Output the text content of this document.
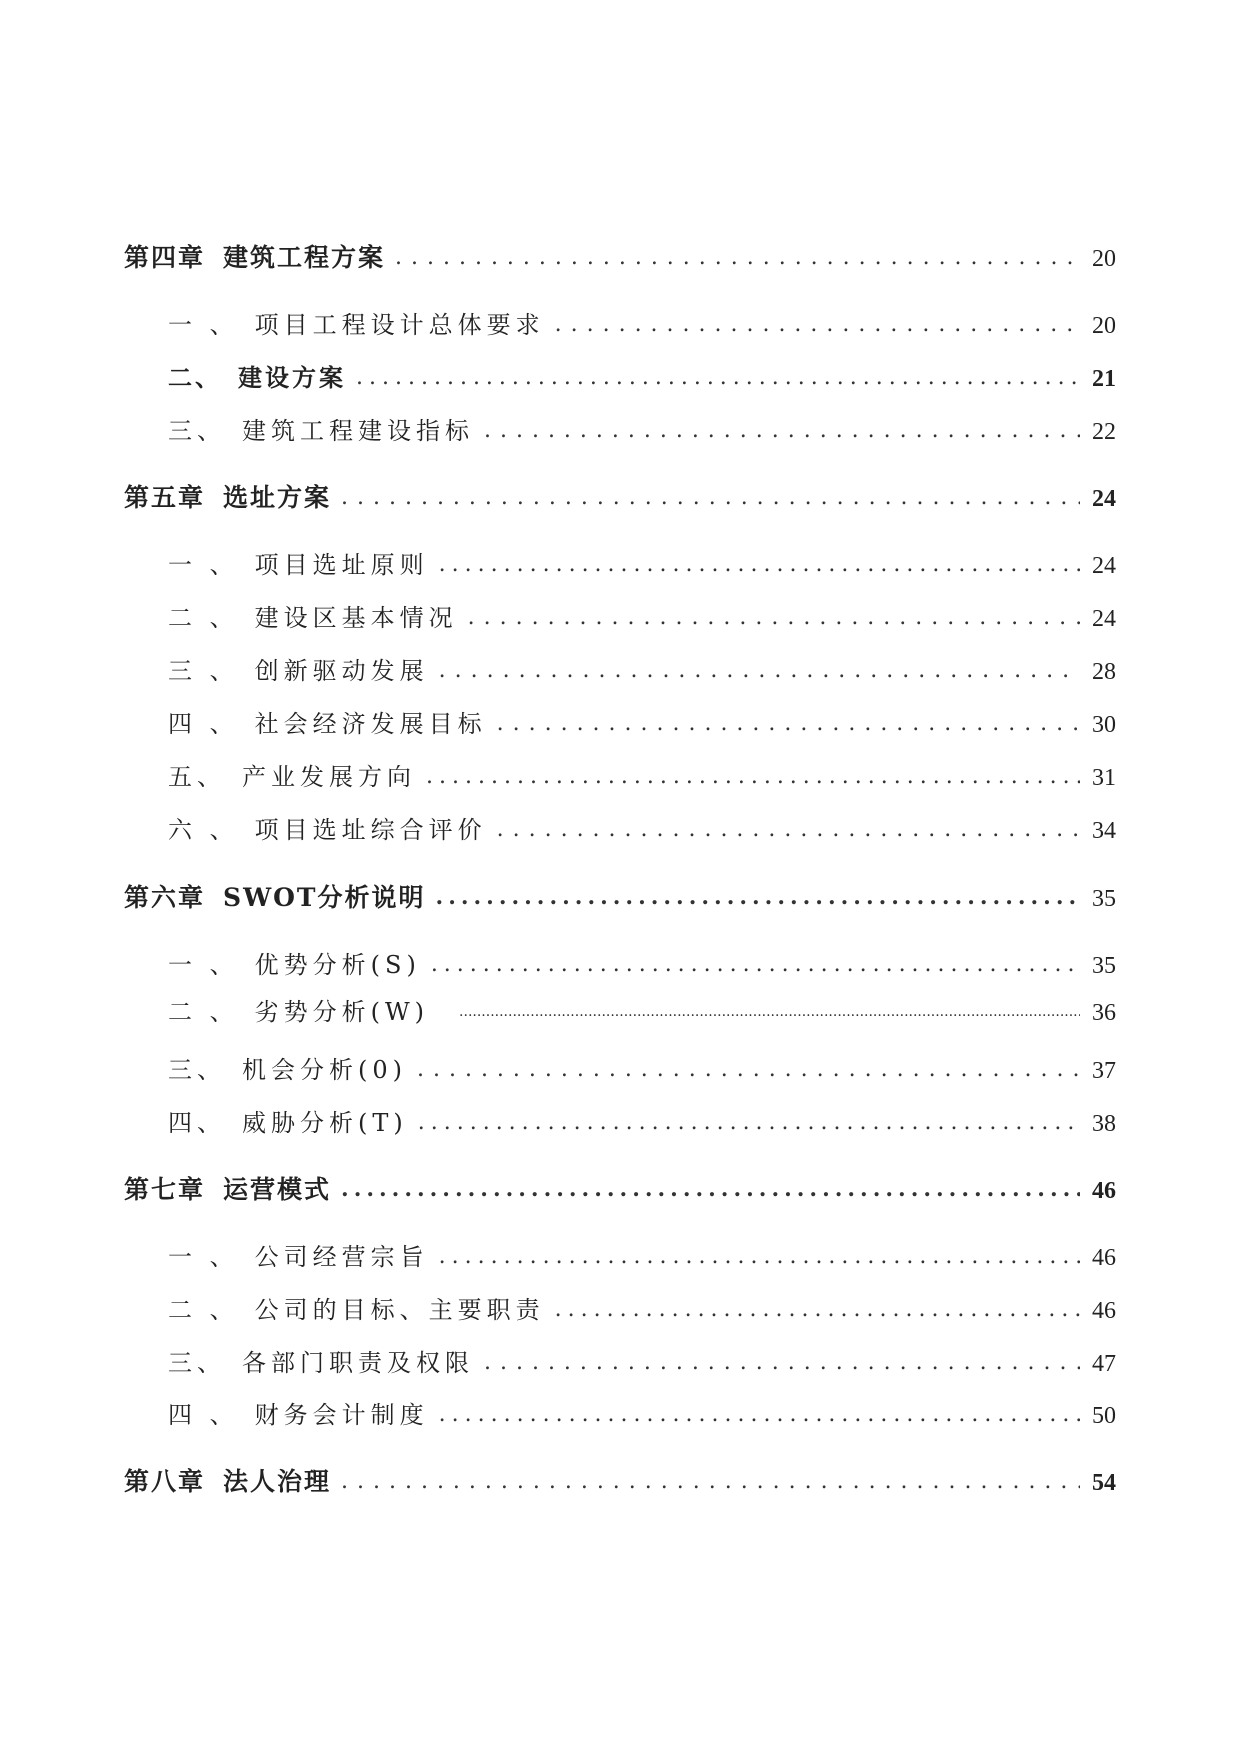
第四章 建筑工程方案 . . .	20
一 、 项目工程设计总体要求 . . .	20
二、 建设方案 .....	21
三、 建筑工程建设指标 . . .	22
第五章 选址方案 . . .	24
一 、 项目选址原则 .....	24
二 、 建设区基本情况 . . .	24
三 、 创新驱动发展 . . .	28
四 、 社会经济发展目标 . . .	30
五、 产业发展方向 .....	31
六 、 项目选址综合评价 . . .	34
第六章 SWOT分析说明 .....	35
一 、 优势分析(S) .....	35
二 、 劣势分析(W) .....	36
三、 机会分析(0) . . .	37
四、 威胁分析(T) .....	38
第七章 运营模式 .....	46
一 、 公司经营宗旨 .....	46
二 、 公司的目标、主要职责 .....	46
三、 各部门职责及权限 . . .	47
四 、 财务会计制度 .....	50
第八章 法人治理 . . .	54
